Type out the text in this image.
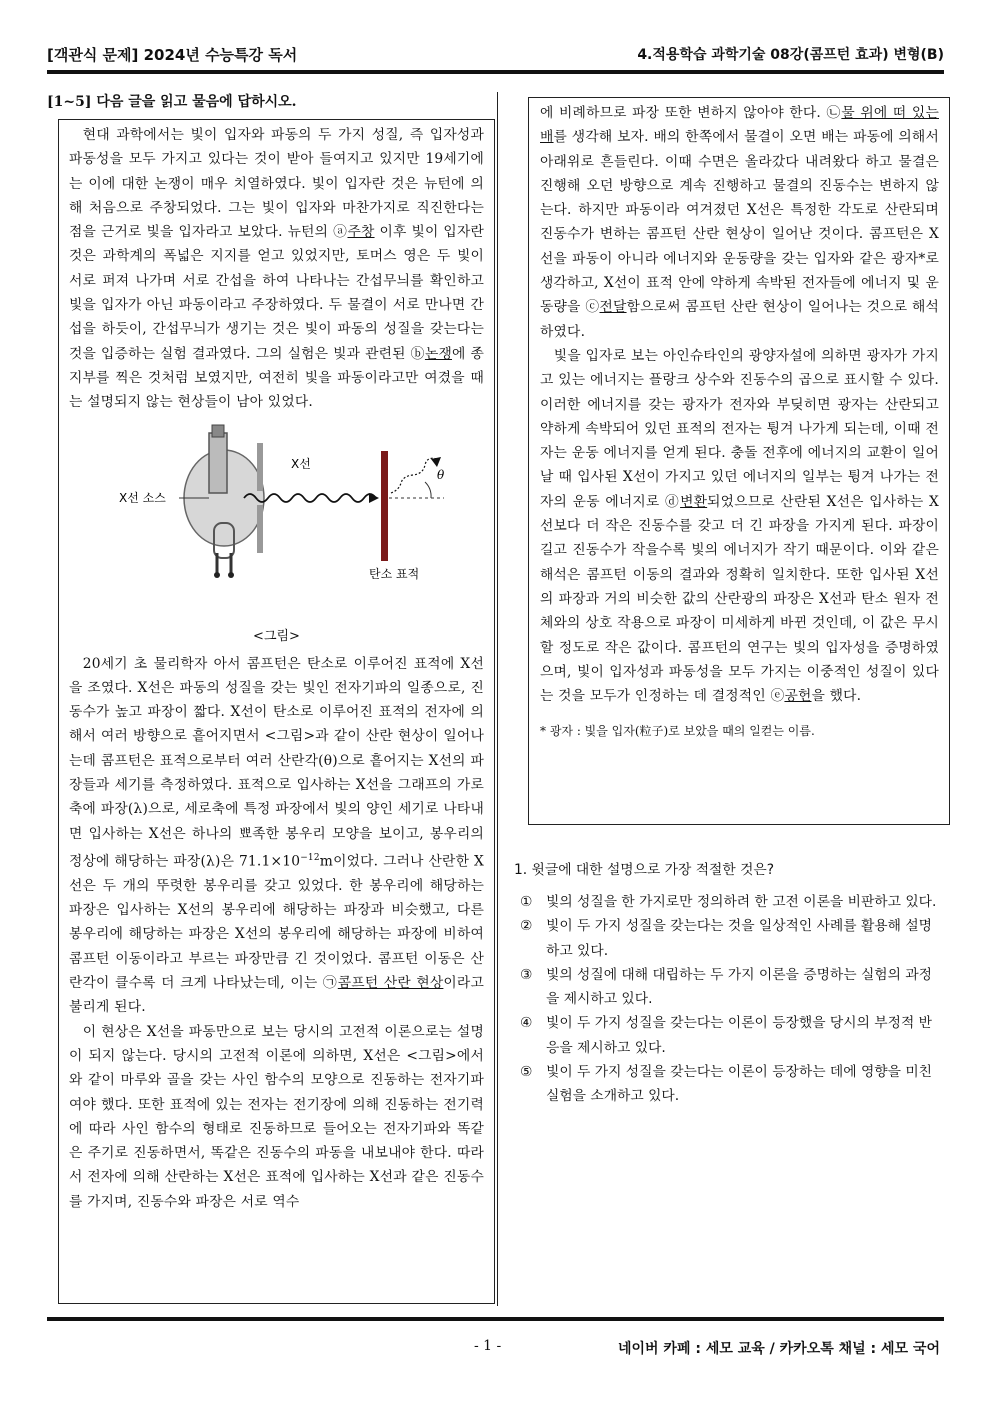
[객관식 문제] 2024년 수능특강 독서	4.적용학습 과학기술 08강(콤프턴 효과) 변형(B)
[1~5] 다음 글을 읽고 물음에 답하시오.

현대 과학에서는 빛이 입자와 파동의 두 가지 성질, 즉 입자성과 파동성을 모두 가지고 있다는 것이 받아 들여지고 있지만 19세기에는 이에 대한 논쟁이 매우 치열하였다. 빛이 입자란 것은 뉴턴에 의해 처음으로 주창되었다. 그는 빛이 입자와 마찬가지로 직진한다는 점을 근거로 빛을 입자라고 보았다. 뉴턴의 ⓐ주창 이후 빛이 입자란 것은 과학계의 폭넓은 지지를 얻고 있었지만, 토머스 영은 두 빛이 서로 퍼져 나가며 서로 간섭을 하여 나타나는 간섭무늬를 확인하고 빛을 입자가 아닌 파동이라고 주장하였다. 두 물결이 서로 만나면 간섭을 하듯이, 간섭무늬가 생기는 것은 빛이 파동의 성질을 갖는다는 것을 입증하는 실험 결과였다. 그의 실험은 빛과 관련된 ⓑ논쟁에 종지부를 찍은 것처럼 보였지만, 여전히 빛을 파동이라고만 여겼을 때는 설명되지 않는 현상들이 남아 있었다.

X선 소스
X선
탄소 표적
θ
<그림>

20세기 초 물리학자 아서 콤프턴은 탄소로 이루어진 표적에 X선을 조였다. X선은 파동의 성질을 갖는 빛인 전자기파의 일종으로, 진동수가 높고 파장이 짧다. X선이 탄소로 이루어진 표적의 전자에 의해서 여러 방향으로 흩어지면서 <그림>과 같이 산란 현상이 일어나는데 콤프턴은 표적으로부터 여러 산란각(θ)으로 흩어지는 X선의 파장들과 세기를 측정하였다. 표적으로 입사하는 X선을 그래프의 가로축에 파장(λ)으로, 세로축에 특정 파장에서 빛의 양인 세기로 나타내면 입사하는 X선은 하나의 뾰족한 봉우리 모양을 보이고, 봉우리의 정상에 해당하는 파장(λ)은 $71.1\times 10^{-12}m$이었다. 그러나 산란한 X선은 두 개의 뚜렷한 봉우리를 갖고 있었다. 한 봉우리에 해당하는 파장은 입사하는 X선의 봉우리에 해당하는 파장과 비슷했고, 다른 봉우리에 해당하는 파장은 X선의 봉우리에 해당하는 파장에 비하여 콤프턴 이동이라고 부르는 파장만큼 긴 것이었다. 콤프턴 이동은 산란각이 클수록 더 크게 나타났는데, 이는 ㉠콤프턴 산란 현상이라고 불리게 된다.

이 현상은 X선을 파동만으로 보는 당시의 고전적 이론으로는 설명이 되지 않는다. 당시의 고전적 이론에 의하면, X선은 <그림>에서와 같이 마루와 골을 갖는 사인 함수의 모양으로 진동하는 전자기파여야 했다. 또한 표적에 있는 전자는 전기장에 의해 진동하는 전기력에 따라 사인 함수의 형태로 진동하므로 들어오는 전자기파와 똑같은 주기로 진동하면서, 똑같은 진동수의 파동을 내보내야 한다. 따라서 전자에 의해 산란하는 X선은 표적에 입사하는 X선과 같은 진동수를 가지며, 진동수와 파장은 서로 역수

에 비례하므로 파장 또한 변하지 않아야 한다. ㉡물 위에 떠 있는 배를 생각해 보자. 배의 한쪽에서 물결이 오면 배는 파동에 의해서 아래위로 흔들린다. 이때 수면은 올라갔다 내려왔다 하고 물결은 진행해 오던 방향으로 계속 진행하고 물결의 진동수는 변하지 않는다. 하지만 파동이라 여겨졌던 X선은 특정한 각도로 산란되며 진동수가 변하는 콤프턴 산란 현상이 일어난 것이다. 콤프턴은 X선을 파동이 아니라 에너지와 운동량을 갖는 입자와 같은 광자*로 생각하고, X선이 표적 안에 약하게 속박된 전자들에 에너지 및 운동량을 ⓒ전달함으로써 콤프턴 산란 현상이 일어나는 것으로 해석하였다.

빛을 입자로 보는 아인슈타인의 광양자설에 의하면 광자가 가지고 있는 에너지는 플랑크 상수와 진동수의 곱으로 표시할 수 있다. 이러한 에너지를 갖는 광자가 전자와 부딪히면 광자는 산란되고 약하게 속박되어 있던 표적의 전자는 튕겨 나가게 되는데, 이때 전자는 운동 에너지를 얻게 된다. 충돌 전후에 에너지의 교환이 일어날 때 입사된 X선이 가지고 있던 에너지의 일부는 튕겨 나가는 전자의 운동 에너지로 ⓓ변환되었으므로 산란된 X선은 입사하는 X선보다 더 작은 진동수를 갖고 더 긴 파장을 가지게 된다. 파장이 길고 진동수가 작을수록 빛의 에너지가 작기 때문이다. 이와 같은 해석은 콤프턴 이동의 결과와 정확히 일치한다. 또한 입사된 X선의 파장과 거의 비슷한 값의 산란광의 파장은 X선과 탄소 원자 전체와의 상호 작용으로 파장이 미세하게 바뀐 것인데, 이 값은 무시할 정도로 작은 값이다. 콤프턴의 연구는 빛의 입자성을 증명하였으며, 빛이 입자성과 파동성을 모두 가지는 이중적인 성질이 있다는 것을 모두가 인정하는 데 결정적인 ⓔ공헌을 했다.

* 광자 : 빛을 입자(粒子)로 보았을 때의 일컫는 이름.
1. 윗글에 대한 설명으로 가장 적절한 것은?
① 빛의 성질을 한 가지로만 정의하려 한 고전 이론을 비판하고 있다.
② 빛이 두 가지 성질을 갖는다는 것을 일상적인 사례를 활용해 설명하고 있다.
③ 빛의 성질에 대해 대립하는 두 가지 이론을 증명하는 실험의 과정을 제시하고 있다.
④ 빛이 두 가지 성질을 갖는다는 이론이 등장했을 당시의 부정적 반응을 제시하고 있다.
⑤ 빛이 두 가지 성질을 갖는다는 이론이 등장하는 데에 영향을 미친 실험을 소개하고 있다.
- 1 -	네이버 카페 : 세모 교육 / 카카오톡 채널 : 세모 국어
